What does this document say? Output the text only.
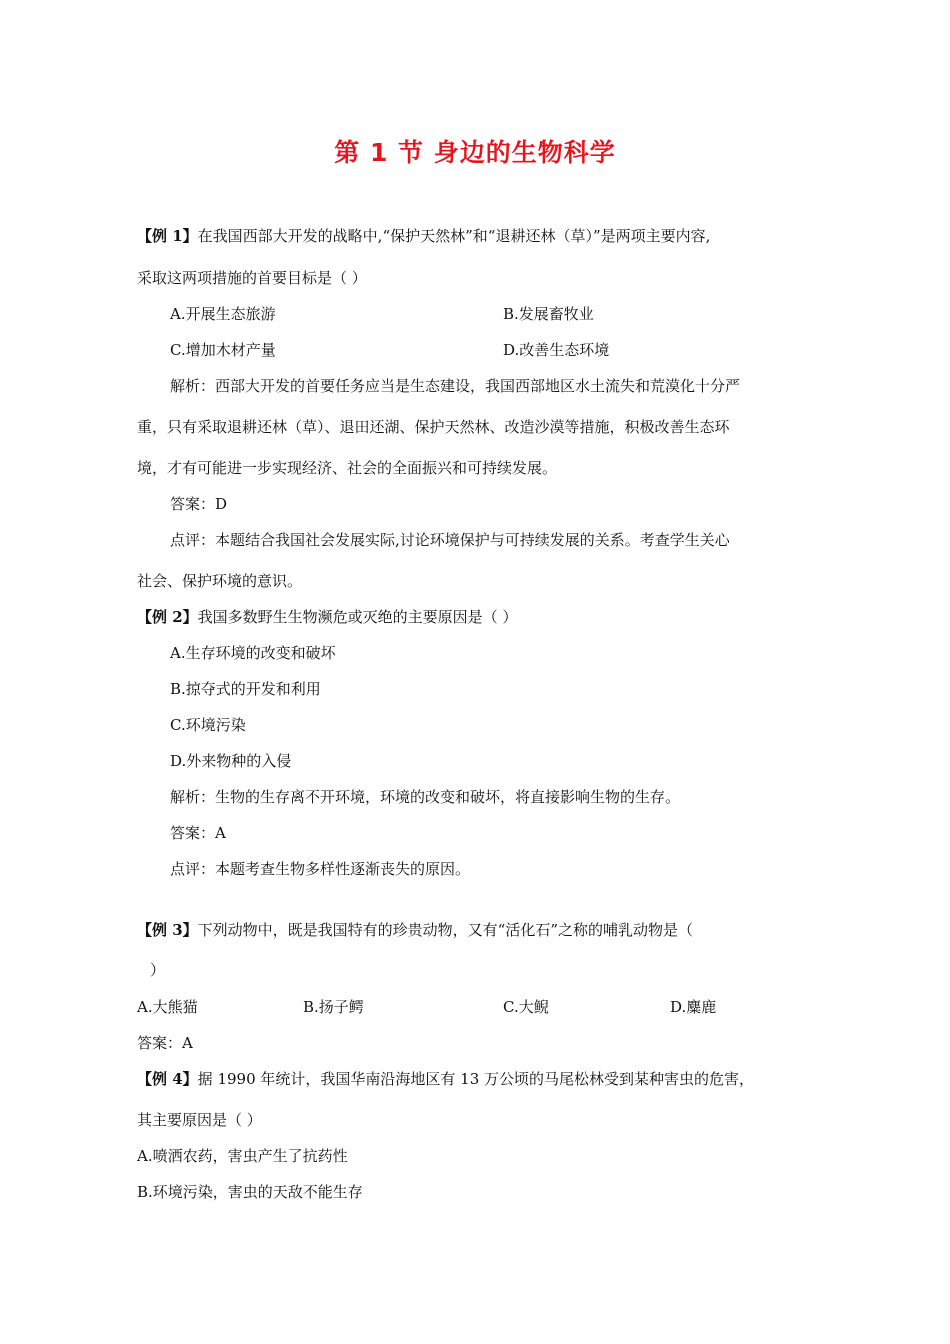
第 1 节 身边的生物科学
【例 1】在我国西部大开发的战略中,“保护天然林”和“退耕还林（草）”是两项主要内容,
采取这两项措施的首要目标是（ ）
A.开展生态旅游	B.发展畜牧业
C.增加木材产量	D.改善生态环境
解析：西部大开发的首要任务应当是生态建设，我国西部地区水土流失和荒漠化十分严
重，只有采取退耕还林（草）、退田还湖、保护天然林、改造沙漠等措施，积极改善生态环
境，才有可能进一步实现经济、社会的全面振兴和可持续发展。
答案：D
点评：本题结合我国社会发展实际,讨论环境保护与可持续发展的关系。考查学生关心
社会、保护环境的意识。
【例 2】我国多数野生生物濒危或灭绝的主要原因是（ ）
A.生存环境的改变和破坏
B.掠夺式的开发和利用
C.环境污染
D.外来物种的入侵
解析：生物的生存离不开环境，环境的改变和破坏，将直接影响生物的生存。
答案：A
点评：本题考查生物多样性逐渐丧失的原因。
【例 3】下列动物中，既是我国特有的珍贵动物，又有“活化石”之称的哺乳动物是（
）
A.大熊猫	B.扬子鳄	C.大鲵	D.麋鹿
答案：A
【例 4】据 1990 年统计，我国华南沿海地区有 13 万公顷的马尾松林受到某种害虫的危害，
其主要原因是（ ）
A.喷洒农药，害虫产生了抗药性
B.环境污染，害虫的天敌不能生存
